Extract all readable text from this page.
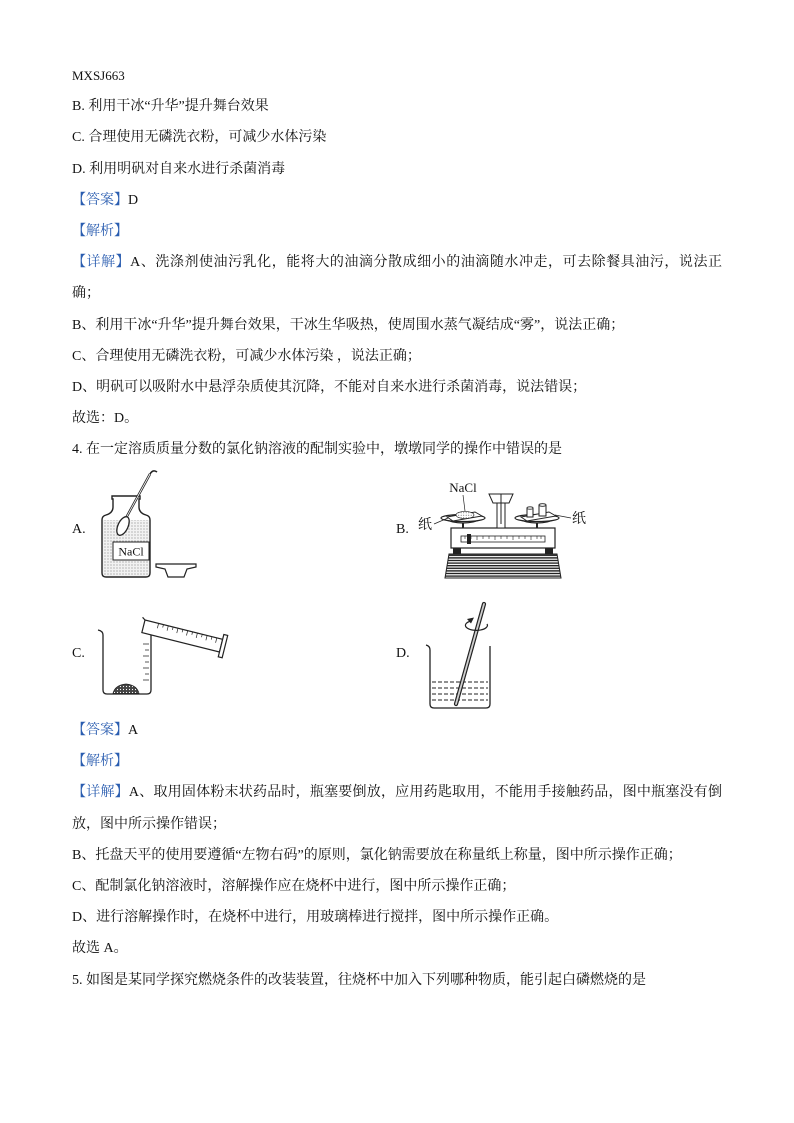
MXSJ663
B. 利用干冰“升华”提升舞台效果
C. 合理使用无磷洗衣粉，可减少水体污染
D. 利用明矾对自来水进行杀菌消毒
【答案】D
【解析】
【详解】A、洗涤剂使油污乳化，能将大的油滴分散成细小的油滴随水冲走，可去除餐具油污，说法正
确；
B、利用干冰“升华”提升舞台效果，干冰生华吸热，使周围水蒸气凝结成“雾”，说法正确；
C、合理使用无磷洗衣粉，可减少水体污染 ，说法正确；
D、明矾可以吸附水中悬浮杂质使其沉降，不能对自来水进行杀菌消毒，说法错误；
故选：D。
4. 在一定溶质质量分数的氯化钠溶液的配制实验中，墩墩同学的操作中错误的是
A.	B.
C.	D.
NaCl
NaCl
纸	纸
【答案】A
【解析】
【详解】A、取用固体粉末状药品时，瓶塞要倒放，应用药匙取用，不能用手接触药品，图中瓶塞没有倒
放，图中所示操作错误；
B、托盘天平的使用要遵循“左物右码”的原则，氯化钠需要放在称量纸上称量，图中所示操作正确；
C、配制氯化钠溶液时，溶解操作应在烧杯中进行，图中所示操作正确；
D、进行溶解操作时，在烧杯中进行，用玻璃棒进行搅拌，图中所示操作正确。
故选 A。
5. 如图是某同学探究燃烧条件的改装装置，往烧杯中加入下列哪种物质，能引起白磷燃烧的是
